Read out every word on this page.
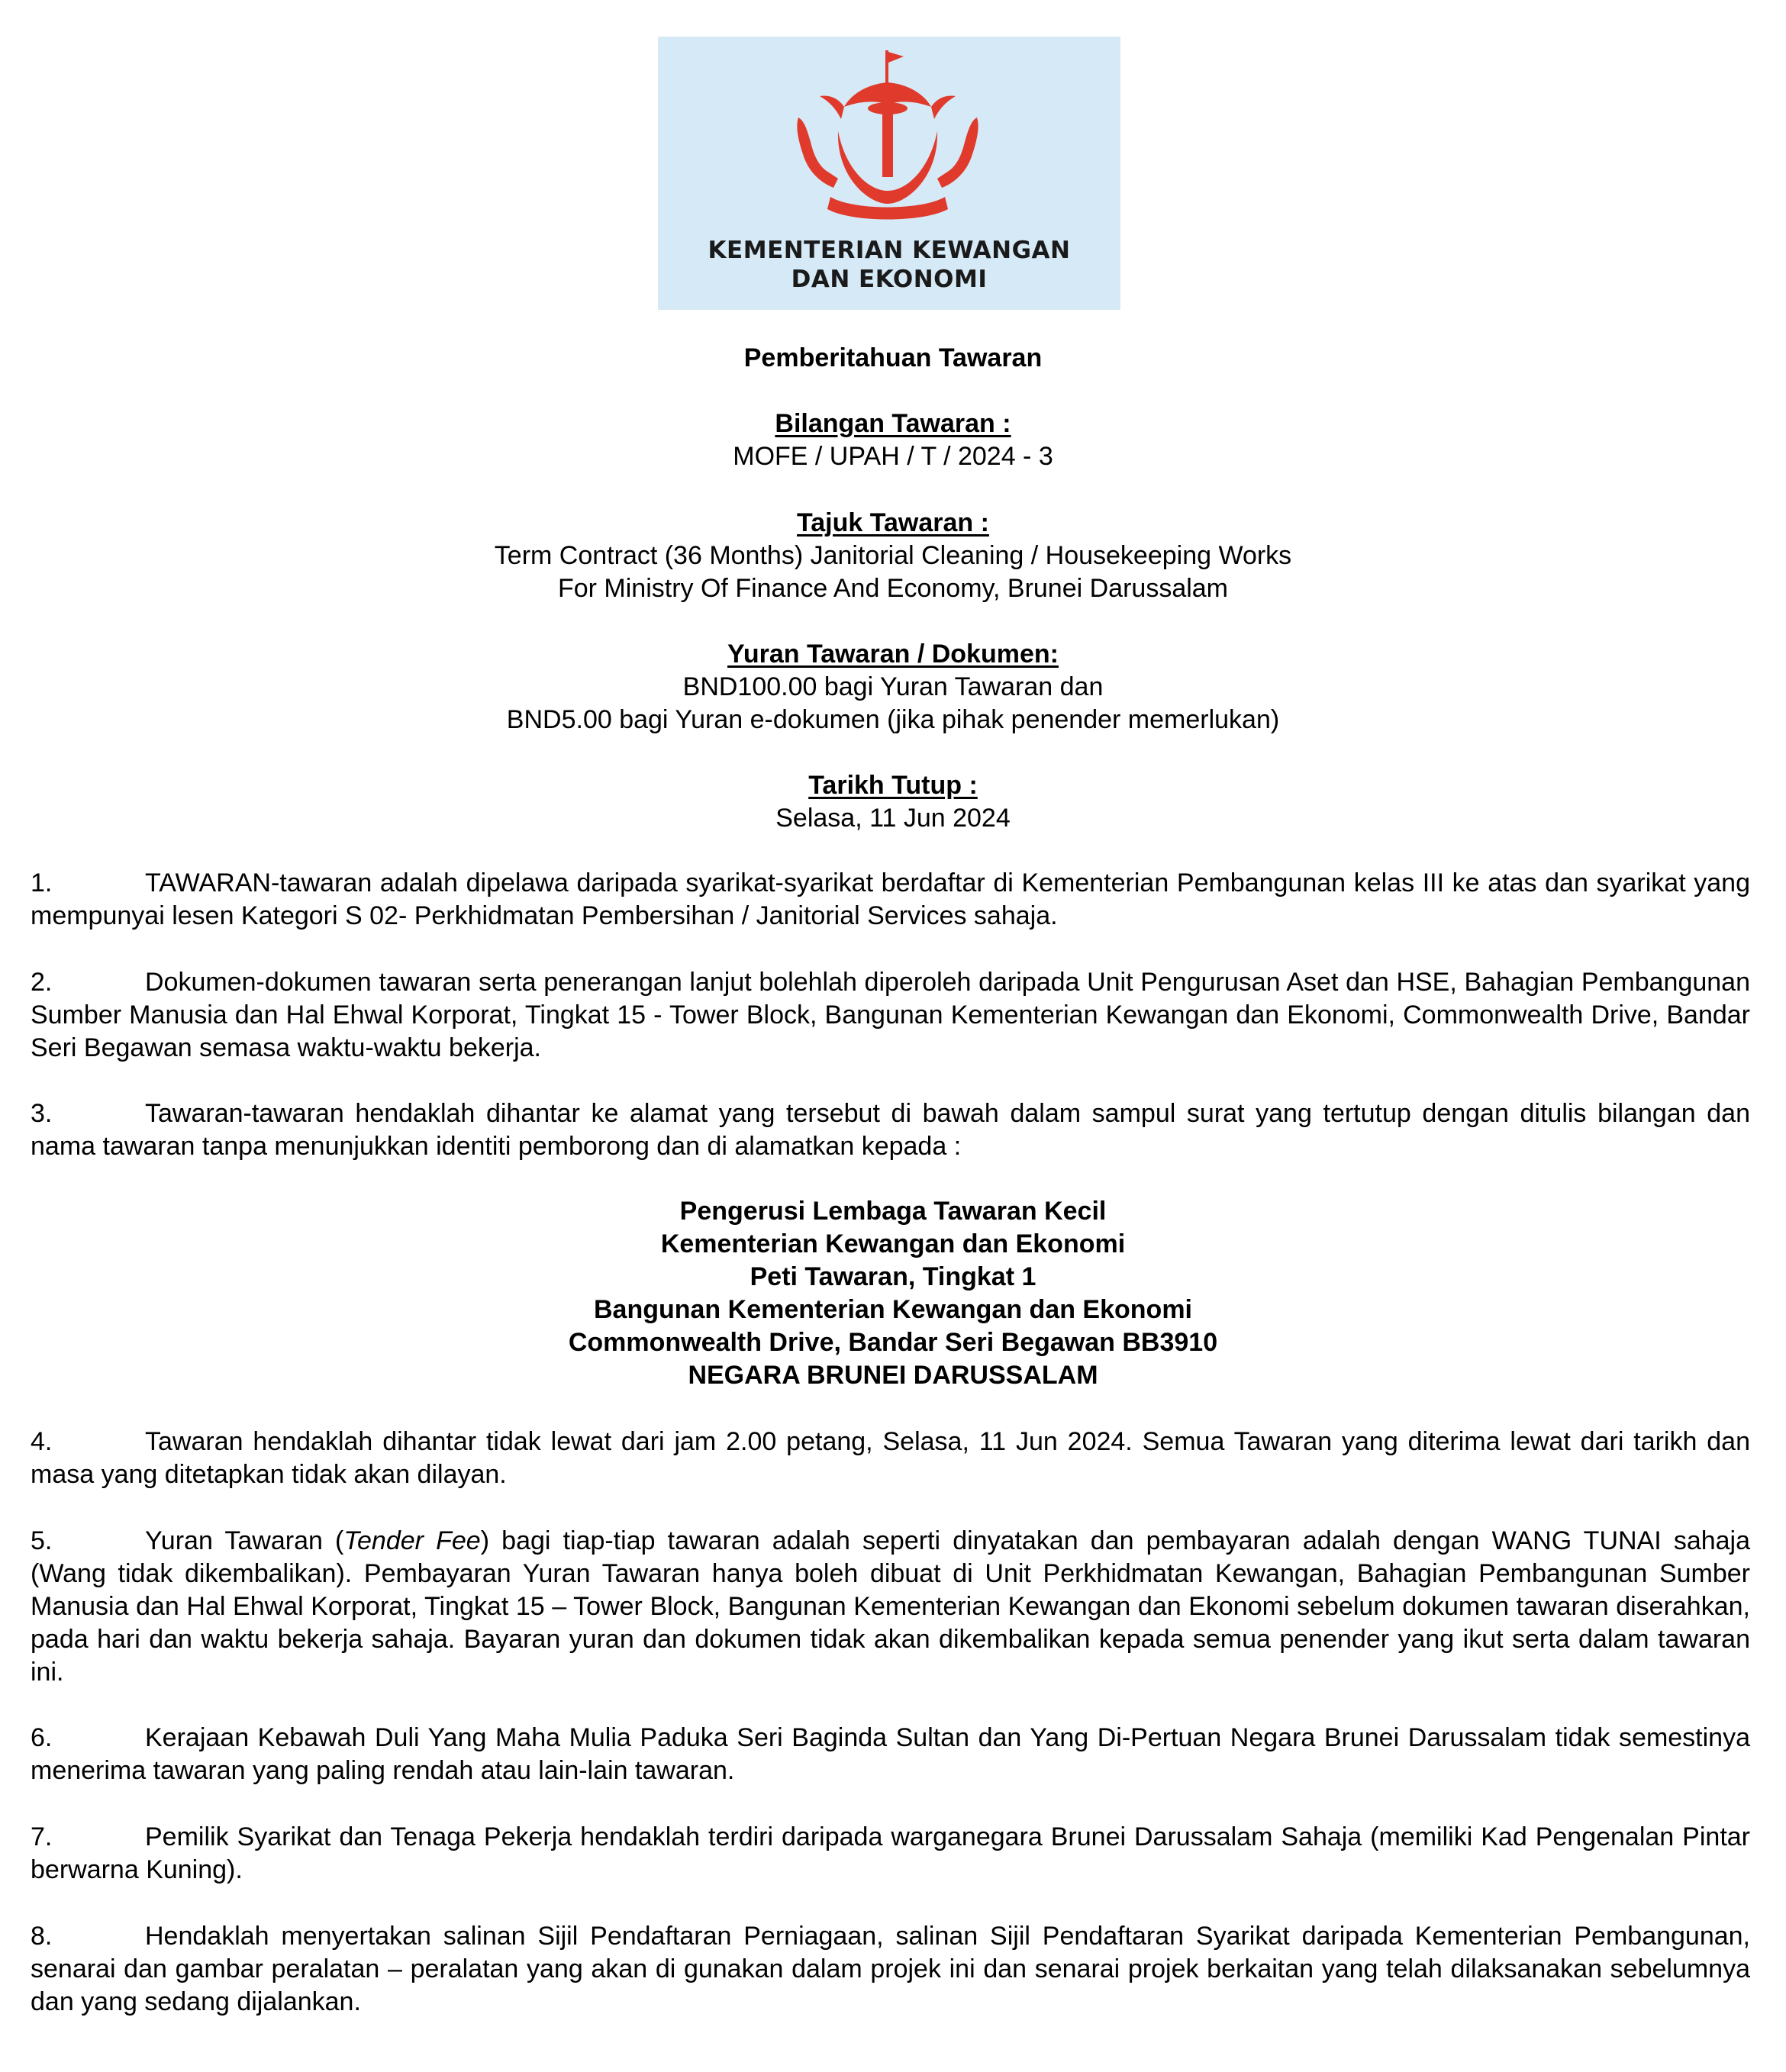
KEMENTERIAN KEWANGAN
DAN EKONOMI
Pemberitahuan Tawaran
Bilangan Tawaran :
MOFE / UPAH / T / 2024 - 3
Tajuk Tawaran :
Term Contract (36 Months) Janitorial Cleaning / Housekeeping Works
For Ministry Of Finance And Economy, Brunei Darussalam
Yuran Tawaran / Dokumen:
BND100.00 bagi Yuran Tawaran dan
BND5.00 bagi Yuran e-dokumen (jika pihak penender memerlukan)
Tarikh Tutup :
Selasa, 11 Jun 2024
1.	TAWARAN-tawaran adalah dipelawa daripada syarikat-syarikat berdaftar di Kementerian Pembangunan kelas III ke atas dan syarikat yang mempunyai lesen Kategori S 02- Perkhidmatan Pembersihan / Janitorial Services sahaja.
2.	Dokumen-dokumen tawaran serta penerangan lanjut bolehlah diperoleh daripada Unit Pengurusan Aset dan HSE, Bahagian Pembangunan Sumber Manusia dan Hal Ehwal Korporat, Tingkat 15 - Tower Block, Bangunan Kementerian Kewangan dan Ekonomi, Commonwealth Drive, Bandar Seri Begawan semasa waktu-waktu bekerja.
3.	Tawaran-tawaran hendaklah dihantar ke alamat yang tersebut di bawah dalam sampul surat yang tertutup dengan ditulis bilangan dan nama tawaran tanpa menunjukkan identiti pemborong dan di alamatkan kepada :
Pengerusi Lembaga Tawaran Kecil
Kementerian Kewangan dan Ekonomi
Peti Tawaran, Tingkat 1
Bangunan Kementerian Kewangan dan Ekonomi
Commonwealth Drive, Bandar Seri Begawan BB3910
NEGARA BRUNEI DARUSSALAM
4.	Tawaran hendaklah dihantar tidak lewat dari jam 2.00 petang, Selasa, 11 Jun 2024. Semua Tawaran yang diterima lewat dari tarikh dan masa yang ditetapkan tidak akan dilayan.
5.	Yuran Tawaran (Tender Fee) bagi tiap-tiap tawaran adalah seperti dinyatakan dan pembayaran adalah dengan WANG TUNAI sahaja (Wang tidak dikembalikan). Pembayaran Yuran Tawaran hanya boleh dibuat di Unit Perkhidmatan Kewangan, Bahagian Pembangunan Sumber Manusia dan Hal Ehwal Korporat, Tingkat 15 – Tower Block, Bangunan Kementerian Kewangan dan Ekonomi sebelum dokumen tawaran diserahkan, pada hari dan waktu bekerja sahaja. Bayaran yuran dan dokumen tidak akan dikembalikan kepada semua penender yang ikut serta dalam tawaran ini.
6.	Kerajaan Kebawah Duli Yang Maha Mulia Paduka Seri Baginda Sultan dan Yang Di-Pertuan Negara Brunei Darussalam tidak semestinya menerima tawaran yang paling rendah atau lain-lain tawaran.
7.	Pemilik Syarikat dan Tenaga Pekerja hendaklah terdiri daripada warganegara Brunei Darussalam Sahaja (memiliki Kad Pengenalan Pintar berwarna Kuning).
8.	Hendaklah menyertakan salinan Sijil Pendaftaran Perniagaan, salinan Sijil Pendaftaran Syarikat daripada Kementerian Pembangunan, senarai dan gambar peralatan – peralatan yang akan di gunakan dalam projek ini dan senarai projek berkaitan yang telah dilaksanakan sebelumnya dan yang sedang dijalankan.
